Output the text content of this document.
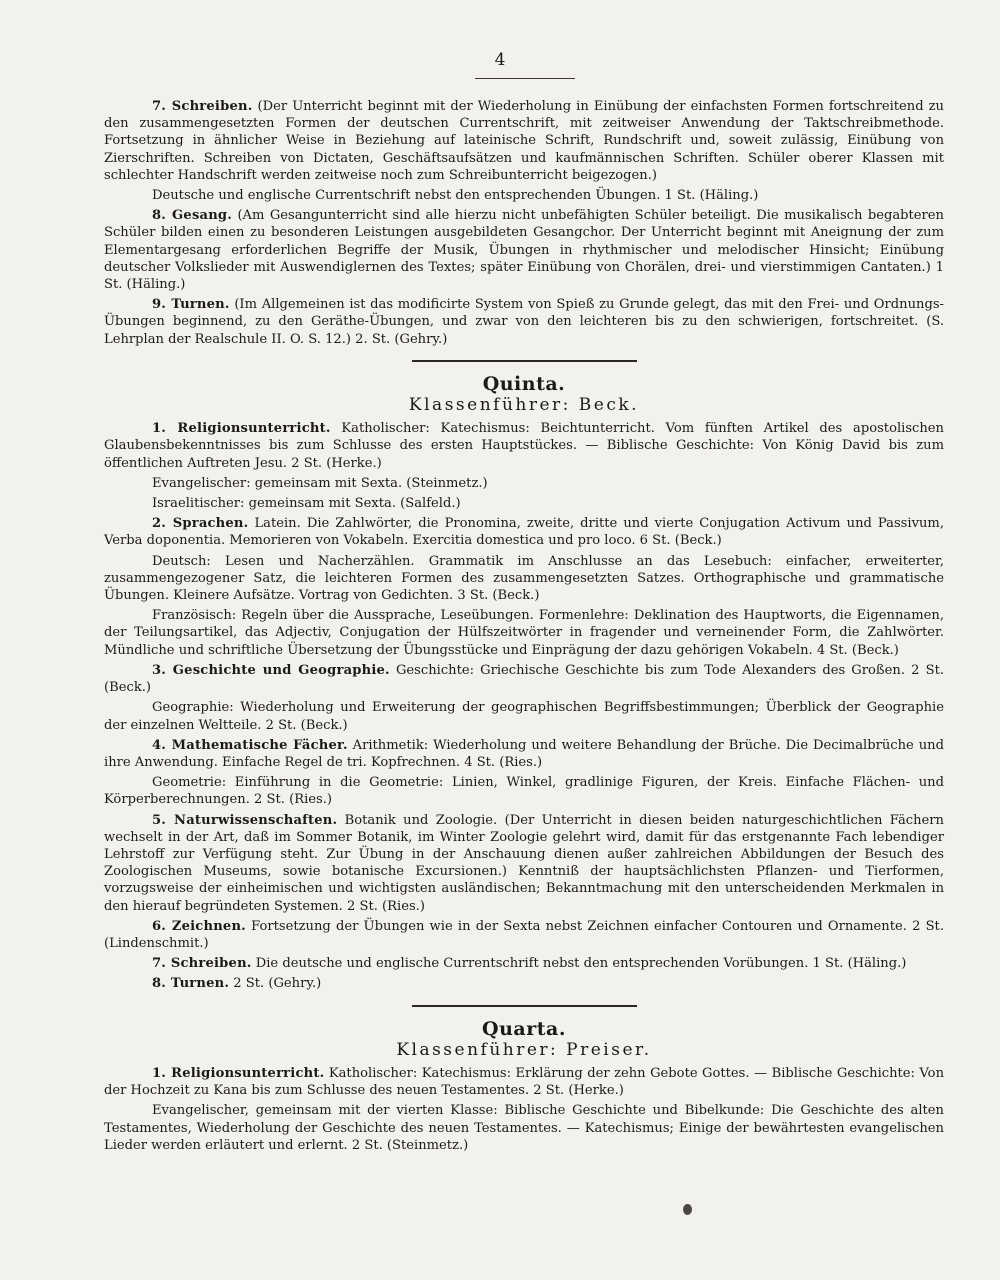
4

7. Schreiben. (Der Unterricht beginnt mit der Wiederholung in Einübung der einfachsten Formen fortschreitend zu den zusammengesetzten Formen der deutschen Currentschrift, mit zeitweiser Anwendung der Taktschreibmethode. Fortsetzung in ähnlicher Weise in Beziehung auf lateinische Schrift, Rundschrift und, soweit zulässig, Einübung von Zierschriften. Schreiben von Dictaten, Geschäftsaufsätzen und kaufmännischen Schriften. Schüler oberer Klassen mit schlechter Handschrift werden zeitweise noch zum Schreibunterricht beigezogen.)

Deutsche und englische Currentschrift nebst den entsprechenden Übungen. 1 St. (Häling.)

8. Gesang. (Am Gesangunterricht sind alle hierzu nicht unbefähigten Schüler beteiligt. Die musikalisch begabteren Schüler bilden einen zu besonderen Leistungen ausgebildeten Gesangchor. Der Unterricht beginnt mit Aneignung der zum Elementargesang erforderlichen Begriffe der Musik, Übungen in rhythmischer und melodischer Hinsicht; Einübung deutscher Volkslieder mit Auswendiglernen des Textes; später Einübung von Chorälen, drei- und vierstimmigen Cantaten.) 1 St. (Häling.)

9. Turnen. (Im Allgemeinen ist das modificirte System von Spieß zu Grunde gelegt, das mit den Frei- und Ordnungs-Übungen beginnend, zu den Geräthe-Übungen, und zwar von den leichteren bis zu den schwierigen, fortschreitet. (S. Lehrplan der Realschule II. O. S. 12.) 2. St. (Gehry.)

Quinta.
Klassenführer: Beck.

1. Religionsunterricht. Katholischer: Katechismus: Beichtunterricht. Vom fünften Artikel des apostolischen Glaubensbekenntnisses bis zum Schlusse des ersten Hauptstückes. — Biblische Geschichte: Von König David bis zum öffentlichen Auftreten Jesu. 2 St. (Herke.)

Evangelischer: gemeinsam mit Sexta. (Steinmetz.)

Israelitischer: gemeinsam mit Sexta. (Salfeld.)

2. Sprachen. Latein. Die Zahlwörter, die Pronomina, zweite, dritte und vierte Conjugation Activum und Passivum, Verba doponentia. Memorieren von Vokabeln. Exercitia domestica und pro loco. 6 St. (Beck.)

Deutsch: Lesen und Nacherzählen. Grammatik im Anschlusse an das Lesebuch: einfacher, erweiterter, zusammengezogener Satz, die leichteren Formen des zusammengesetzten Satzes. Orthographische und grammatische Übungen. Kleinere Aufsätze. Vortrag von Gedichten. 3 St. (Beck.)

Französisch: Regeln über die Aussprache, Leseübungen. Formenlehre: Deklination des Hauptworts, die Eigennamen, der Teilungsartikel, das Adjectiv, Conjugation der Hülfszeitwörter in fragender und verneinender Form, die Zahlwörter. Mündliche und schriftliche Übersetzung der Übungsstücke und Einprägung der dazu gehörigen Vokabeln. 4 St. (Beck.)

3. Geschichte und Geographie. Geschichte: Griechische Geschichte bis zum Tode Alexanders des Großen. 2 St. (Beck.)

Geographie: Wiederholung und Erweiterung der geographischen Begriffsbestimmungen; Überblick der Geographie der einzelnen Weltteile. 2 St. (Beck.)

4. Mathematische Fächer. Arithmetik: Wiederholung und weitere Behandlung der Brüche. Die Decimalbrüche und ihre Anwendung. Einfache Regel de tri. Kopfrechnen. 4 St. (Ries.)

Geometrie: Einführung in die Geometrie: Linien, Winkel, gradlinige Figuren, der Kreis. Einfache Flächen- und Körperberechnungen. 2 St. (Ries.)

5. Naturwissenschaften. Botanik und Zoologie. (Der Unterricht in diesen beiden naturgeschichtlichen Fächern wechselt in der Art, daß im Sommer Botanik, im Winter Zoologie gelehrt wird, damit für das erstgenannte Fach lebendiger Lehrstoff zur Verfügung steht. Zur Übung in der Anschauung dienen außer zahlreichen Abbildungen der Besuch des Zoologischen Museums, sowie botanische Excursionen.) Kenntniß der hauptsächlichsten Pflanzen- und Tierformen, vorzugsweise der einheimischen und wichtigsten ausländischen; Bekanntmachung mit den unterscheidenden Merkmalen in den hierauf begründeten Systemen. 2 St. (Ries.)

6. Zeichnen. Fortsetzung der Übungen wie in der Sexta nebst Zeichnen einfacher Contouren und Ornamente. 2 St. (Lindenschmit.)

7. Schreiben. Die deutsche und englische Currentschrift nebst den entsprechenden Vorübungen. 1 St. (Häling.)

8. Turnen. 2 St. (Gehry.)

Quarta.
Klassenführer: Preiser.

1. Religionsunterricht. Katholischer: Katechismus: Erklärung der zehn Gebote Gottes. — Biblische Geschichte: Von der Hochzeit zu Kana bis zum Schlusse des neuen Testamentes. 2 St. (Herke.)

Evangelischer, gemeinsam mit der vierten Klasse: Biblische Geschichte und Bibelkunde: Die Geschichte des alten Testamentes, Wiederholung der Geschichte des neuen Testamentes. — Katechismus; Einige der bewährtesten evangelischen Lieder werden erläutert und erlernt. 2 St. (Steinmetz.)
